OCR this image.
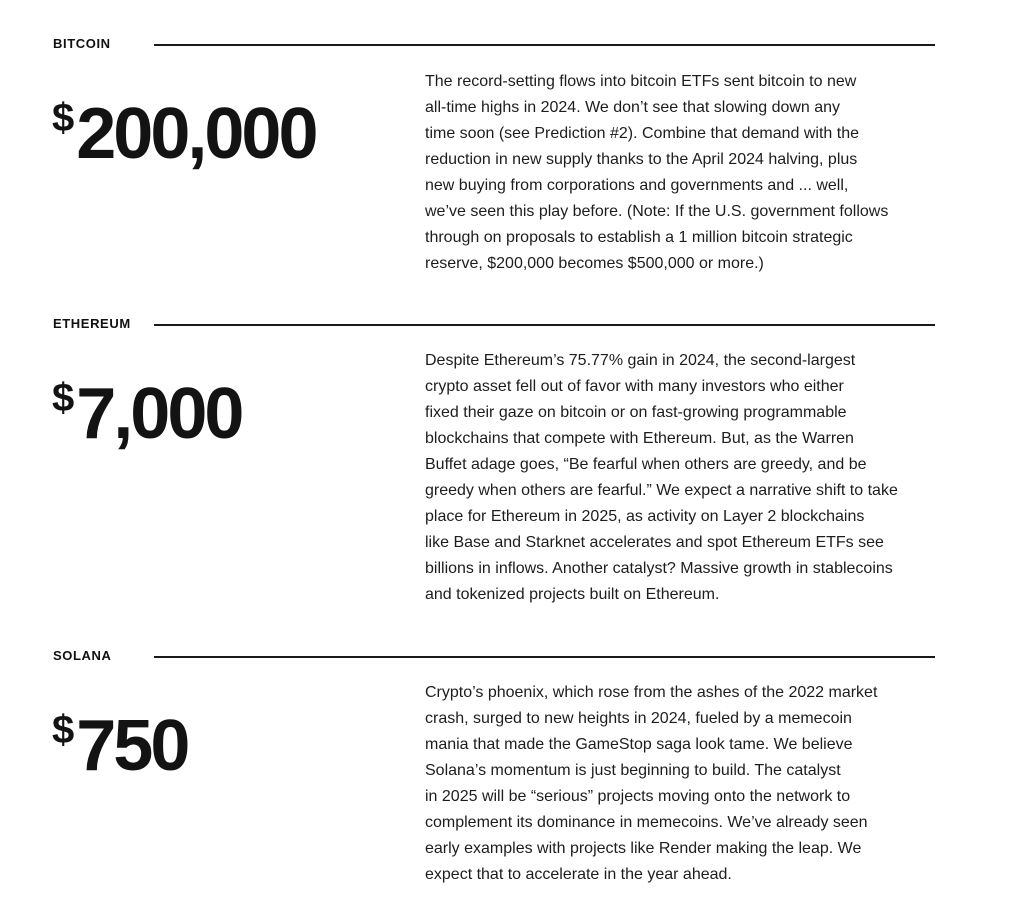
BITCOIN
$200,000

The record-setting flows into bitcoin ETFs sent bitcoin to new
all-time highs in 2024. We don’t see that slowing down any
time soon (see Prediction #2). Combine that demand with the
reduction in new supply thanks to the April 2024 halving, plus
new buying from corporations and governments and ... well,
we’ve seen this play before. (Note: If the U.S. government follows
through on proposals to establish a 1 million bitcoin strategic
reserve, $200,000 becomes $500,000 or more.)

ETHEREUM
$7,000

Despite Ethereum’s 75.77% gain in 2024, the second-largest
crypto asset fell out of favor with many investors who either
fixed their gaze on bitcoin or on fast-growing programmable
blockchains that compete with Ethereum. But, as the Warren
Buffet adage goes, “Be fearful when others are greedy, and be
greedy when others are fearful.” We expect a narrative shift to take
place for Ethereum in 2025, as activity on Layer 2 blockchains
like Base and Starknet accelerates and spot Ethereum ETFs see
billions in inflows. Another catalyst? Massive growth in stablecoins
and tokenized projects built on Ethereum.

SOLANA
$750

Crypto’s phoenix, which rose from the ashes of the 2022 market
crash, surged to new heights in 2024, fueled by a memecoin
mania that made the GameStop saga look tame. We believe
Solana’s momentum is just beginning to build. The catalyst
in 2025 will be “serious” projects moving onto the network to
complement its dominance in memecoins. We’ve already seen
early examples with projects like Render making the leap. We
expect that to accelerate in the year ahead.
